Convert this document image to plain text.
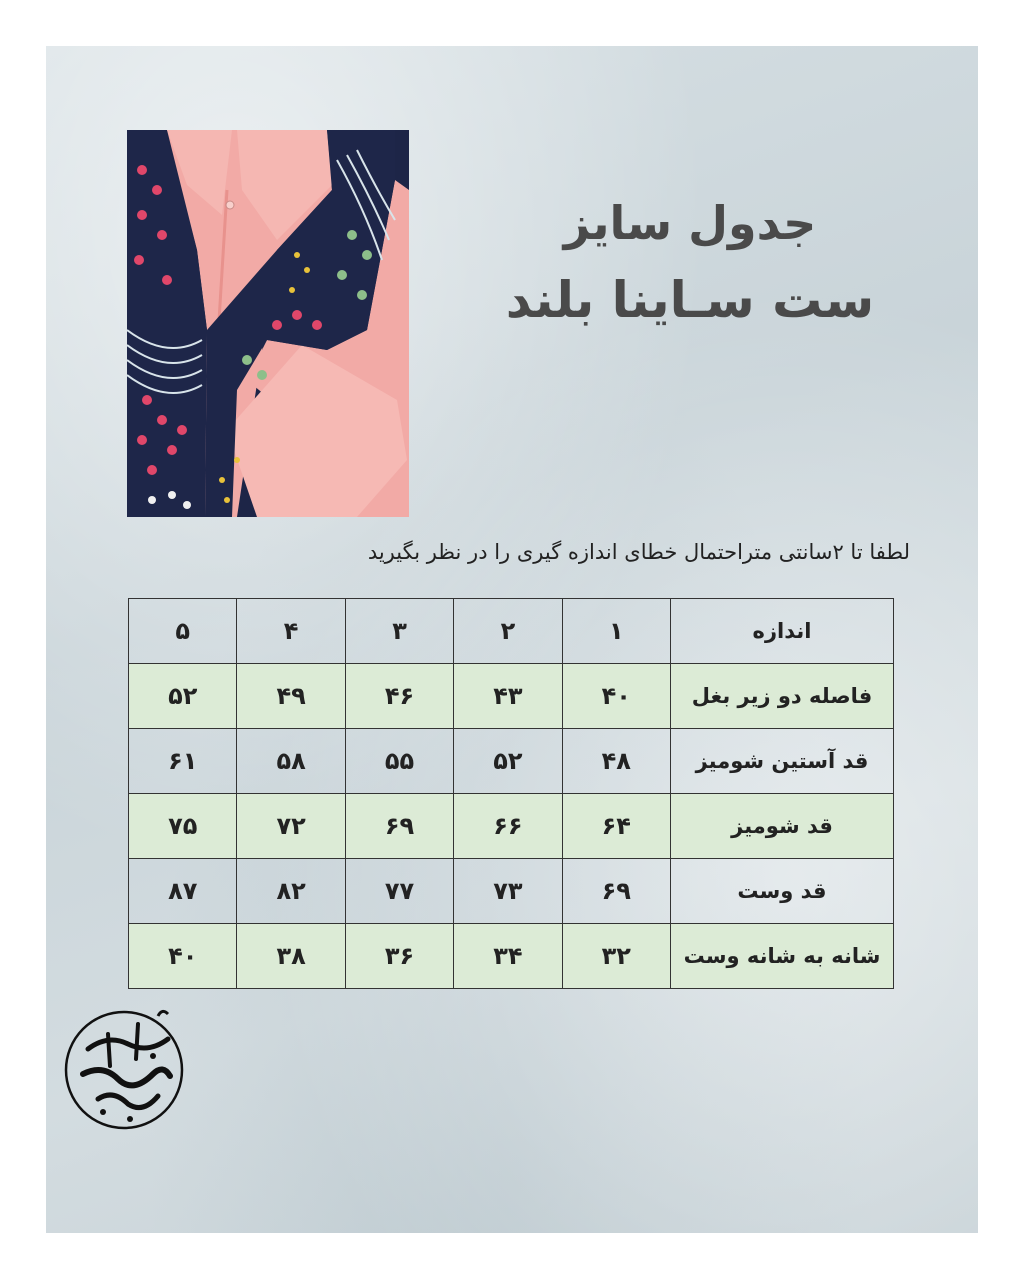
جدول سایز
ست سـاینا بلند
لطفا تا ۲سانتی متراحتمال خطای اندازه گیری را در نظر بگیرید
اندازه	۱	۲	۳	۴	۵
فاصله دو زیر بغل	۴۰	۴۳	۴۶	۴۹	۵۲
قد آستین شومیز	۴۸	۵۲	۵۵	۵۸	۶۱
قد شومیز	۶۴	۶۶	۶۹	۷۲	۷۵
قد وست	۶۹	۷۳	۷۷	۸۲	۸۷
شانه به شانه وست	۳۲	۳۴	۳۶	۳۸	۴۰
